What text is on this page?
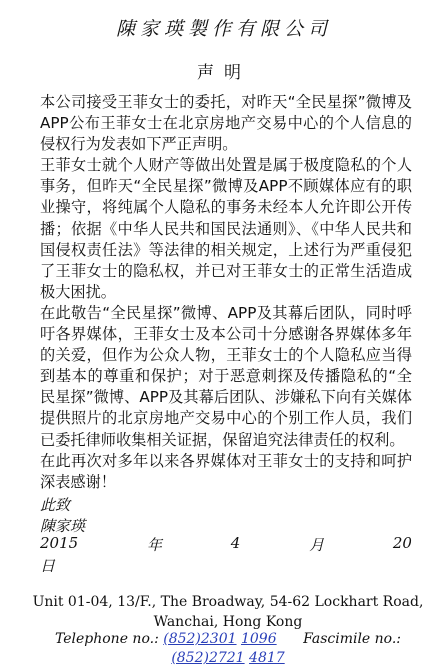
陳家瑛製作有限公司
声明

本公司接受王菲女士的委托，对昨天“全民星探”微博及APP公布王菲女士在北京房地产交易中心的个人信息的侵权行为发表如下严正声明。

王菲女士就个人财产等做出处置是属于极度隐私的个人事务，但昨天“全民星探”微博及APP不顾媒体应有的职业操守，将纯属个人隐私的事务未经本人允许即公开传播；依据《中华人民共和国民法通则》、《中华人民共和国侵权责任法》等法律的相关规定，上述行为严重侵犯了王菲女士的隐私权，并已对王菲女士的正常生活造成极大困扰。

在此敬告“全民星探”微博、APP及其幕后团队，同时呼吁各界媒体，王菲女士及本公司十分感谢各界媒体多年的关爱，但作为公众人物，王菲女士的个人隐私应当得到基本的尊重和保护；对于恶意刺探及传播隐私的“全民星探”微博、APP及其幕后团队、涉嫌私下向有关媒体提供照片的北京房地产交易中心的个别工作人员，我们已委托律师收集相关证据，保留追究法律责任的权利。

在此再次对多年以来各界媒体对王菲女士的支持和呵护深表感谢！

此致
陳家瑛
2015	年	4	月	20
日
Unit 01-04, 13/F., The Broadway, 54-62 Lockhart Road,
Wanchai, Hong Kong
Telephone no.: (852)2301 1096 Fascimile no.:
(852)2721 4817
